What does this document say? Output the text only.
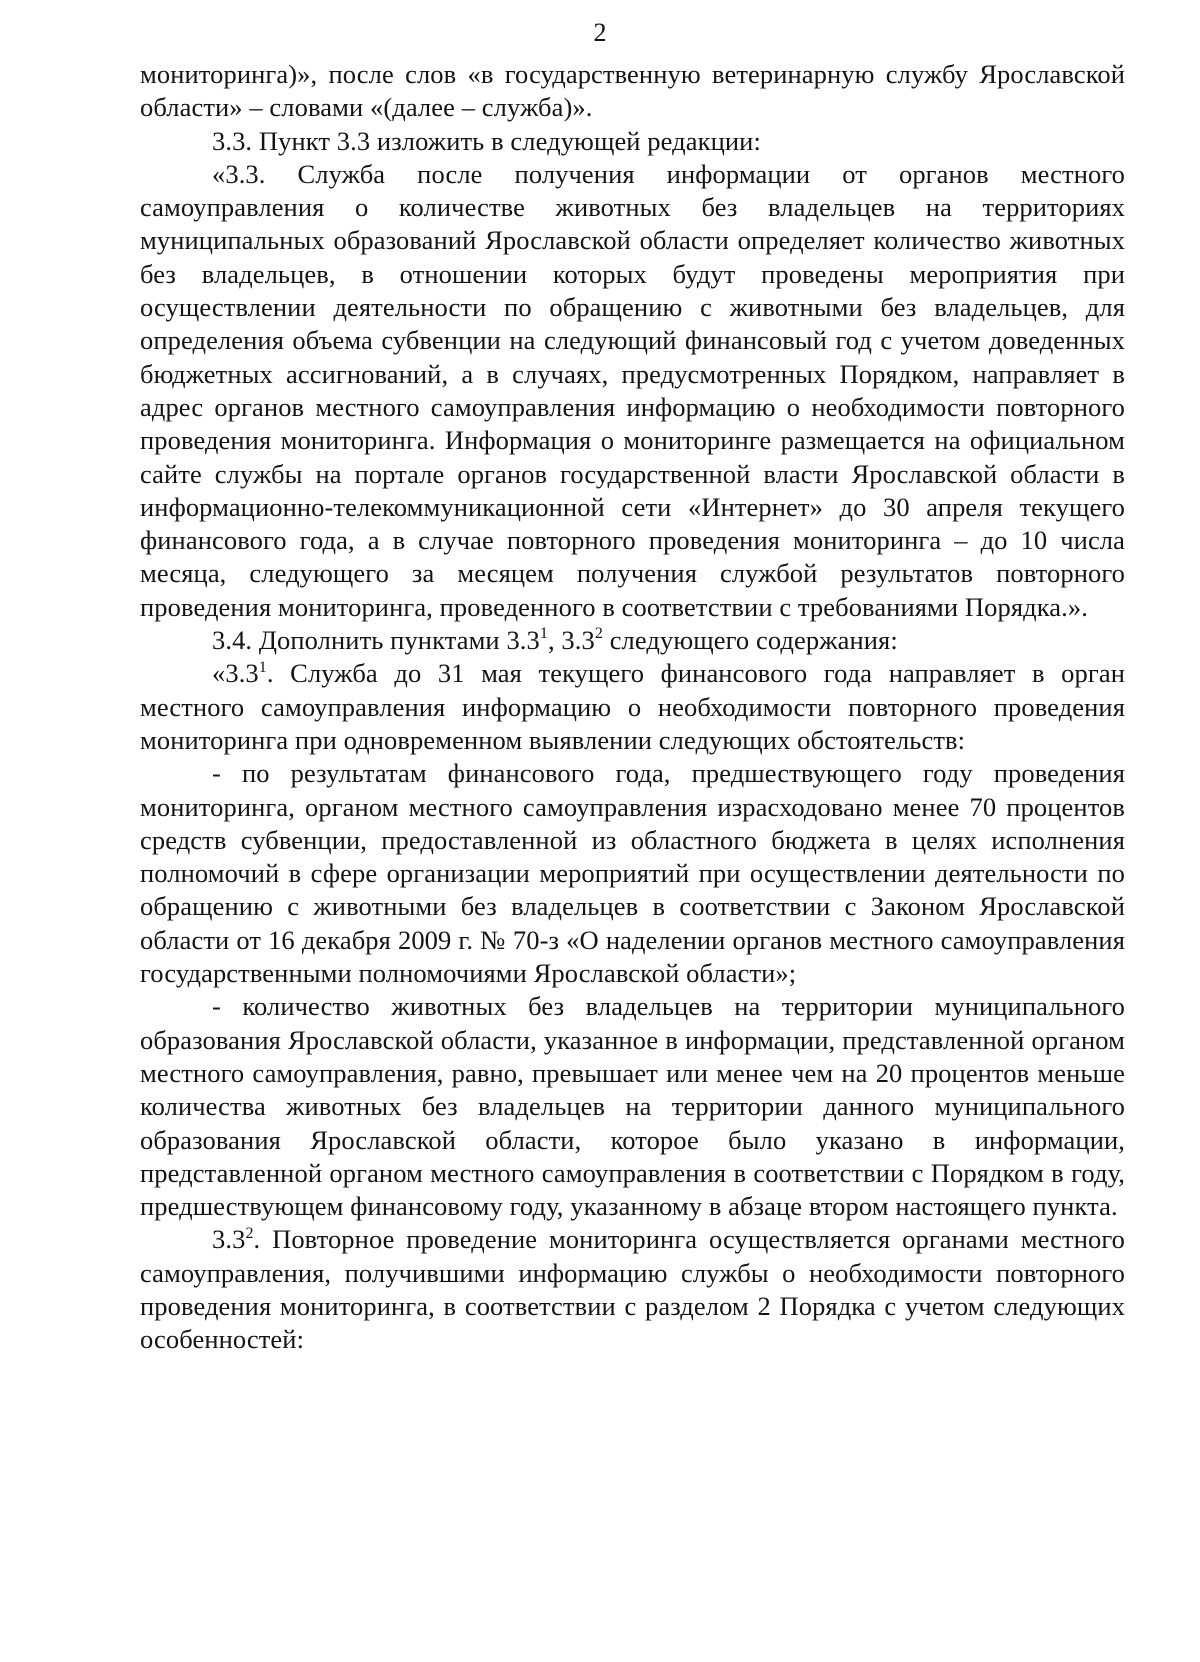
2

мониторинга)», после слов «в государственную ветеринарную службу Ярославской области» – словами «(далее – служба)».

3.3. Пункт 3.3 изложить в следующей редакции:

«3.3. Служба после получения информации от органов местного самоуправления о количестве животных без владельцев на территориях муниципальных образований Ярославской области определяет количество животных без владельцев, в отношении которых будут проведены мероприятия при осуществлении деятельности по обращению с животными без владельцев, для определения объема субвенции на следующий финансовый год с учетом доведенных бюджетных ассигнований, а в случаях, предусмотренных Порядком, направляет в адрес органов местного самоуправления информацию о необходимости повторного проведения мониторинга. Информация о мониторинге размещается на официальном сайте службы на портале органов государственной власти Ярославской области в информационно-телекоммуникационной сети «Интернет» до 30 апреля текущего финансового года, а в случае повторного проведения мониторинга – до 10 числа месяца, следующего за месяцем получения службой результатов повторного проведения мониторинга, проведенного в соответствии с требованиями Порядка.».

3.4. Дополнить пунктами $3.3^1$, $3.3^2$ следующего содержания:

«$3.3^1$. Служба до 31 мая текущего финансового года направляет в орган местного самоуправления информацию о необходимости повторного проведения мониторинга при одновременном выявлении следующих обстоятельств:

- по результатам финансового года, предшествующего году проведения мониторинга, органом местного самоуправления израсходовано менее 70 процентов средств субвенции, предоставленной из областного бюджета в целях исполнения полномочий в сфере организации мероприятий при осуществлении деятельности по обращению с животными без владельцев в соответствии с Законом Ярославской области от 16 декабря 2009 г. № 70-з «О наделении органов местного самоуправления государственными полномочиями Ярославской области»;

- количество животных без владельцев на территории муниципального образования Ярославской области, указанное в информации, представленной органом местного самоуправления, равно, превышает или менее чем на 20 процентов меньше количества животных без владельцев на территории данного муниципального образования Ярославской области, которое было указано в информации, представленной органом местного самоуправления в соответствии с Порядком в году, предшествующем финансовому году, указанному в абзаце втором настоящего пункта.

$3.3^2$. Повторное проведение мониторинга осуществляется органами местного самоуправления, получившими информацию службы о необходимости повторного проведения мониторинга, в соответствии с разделом 2 Порядка с учетом следующих особенностей:
